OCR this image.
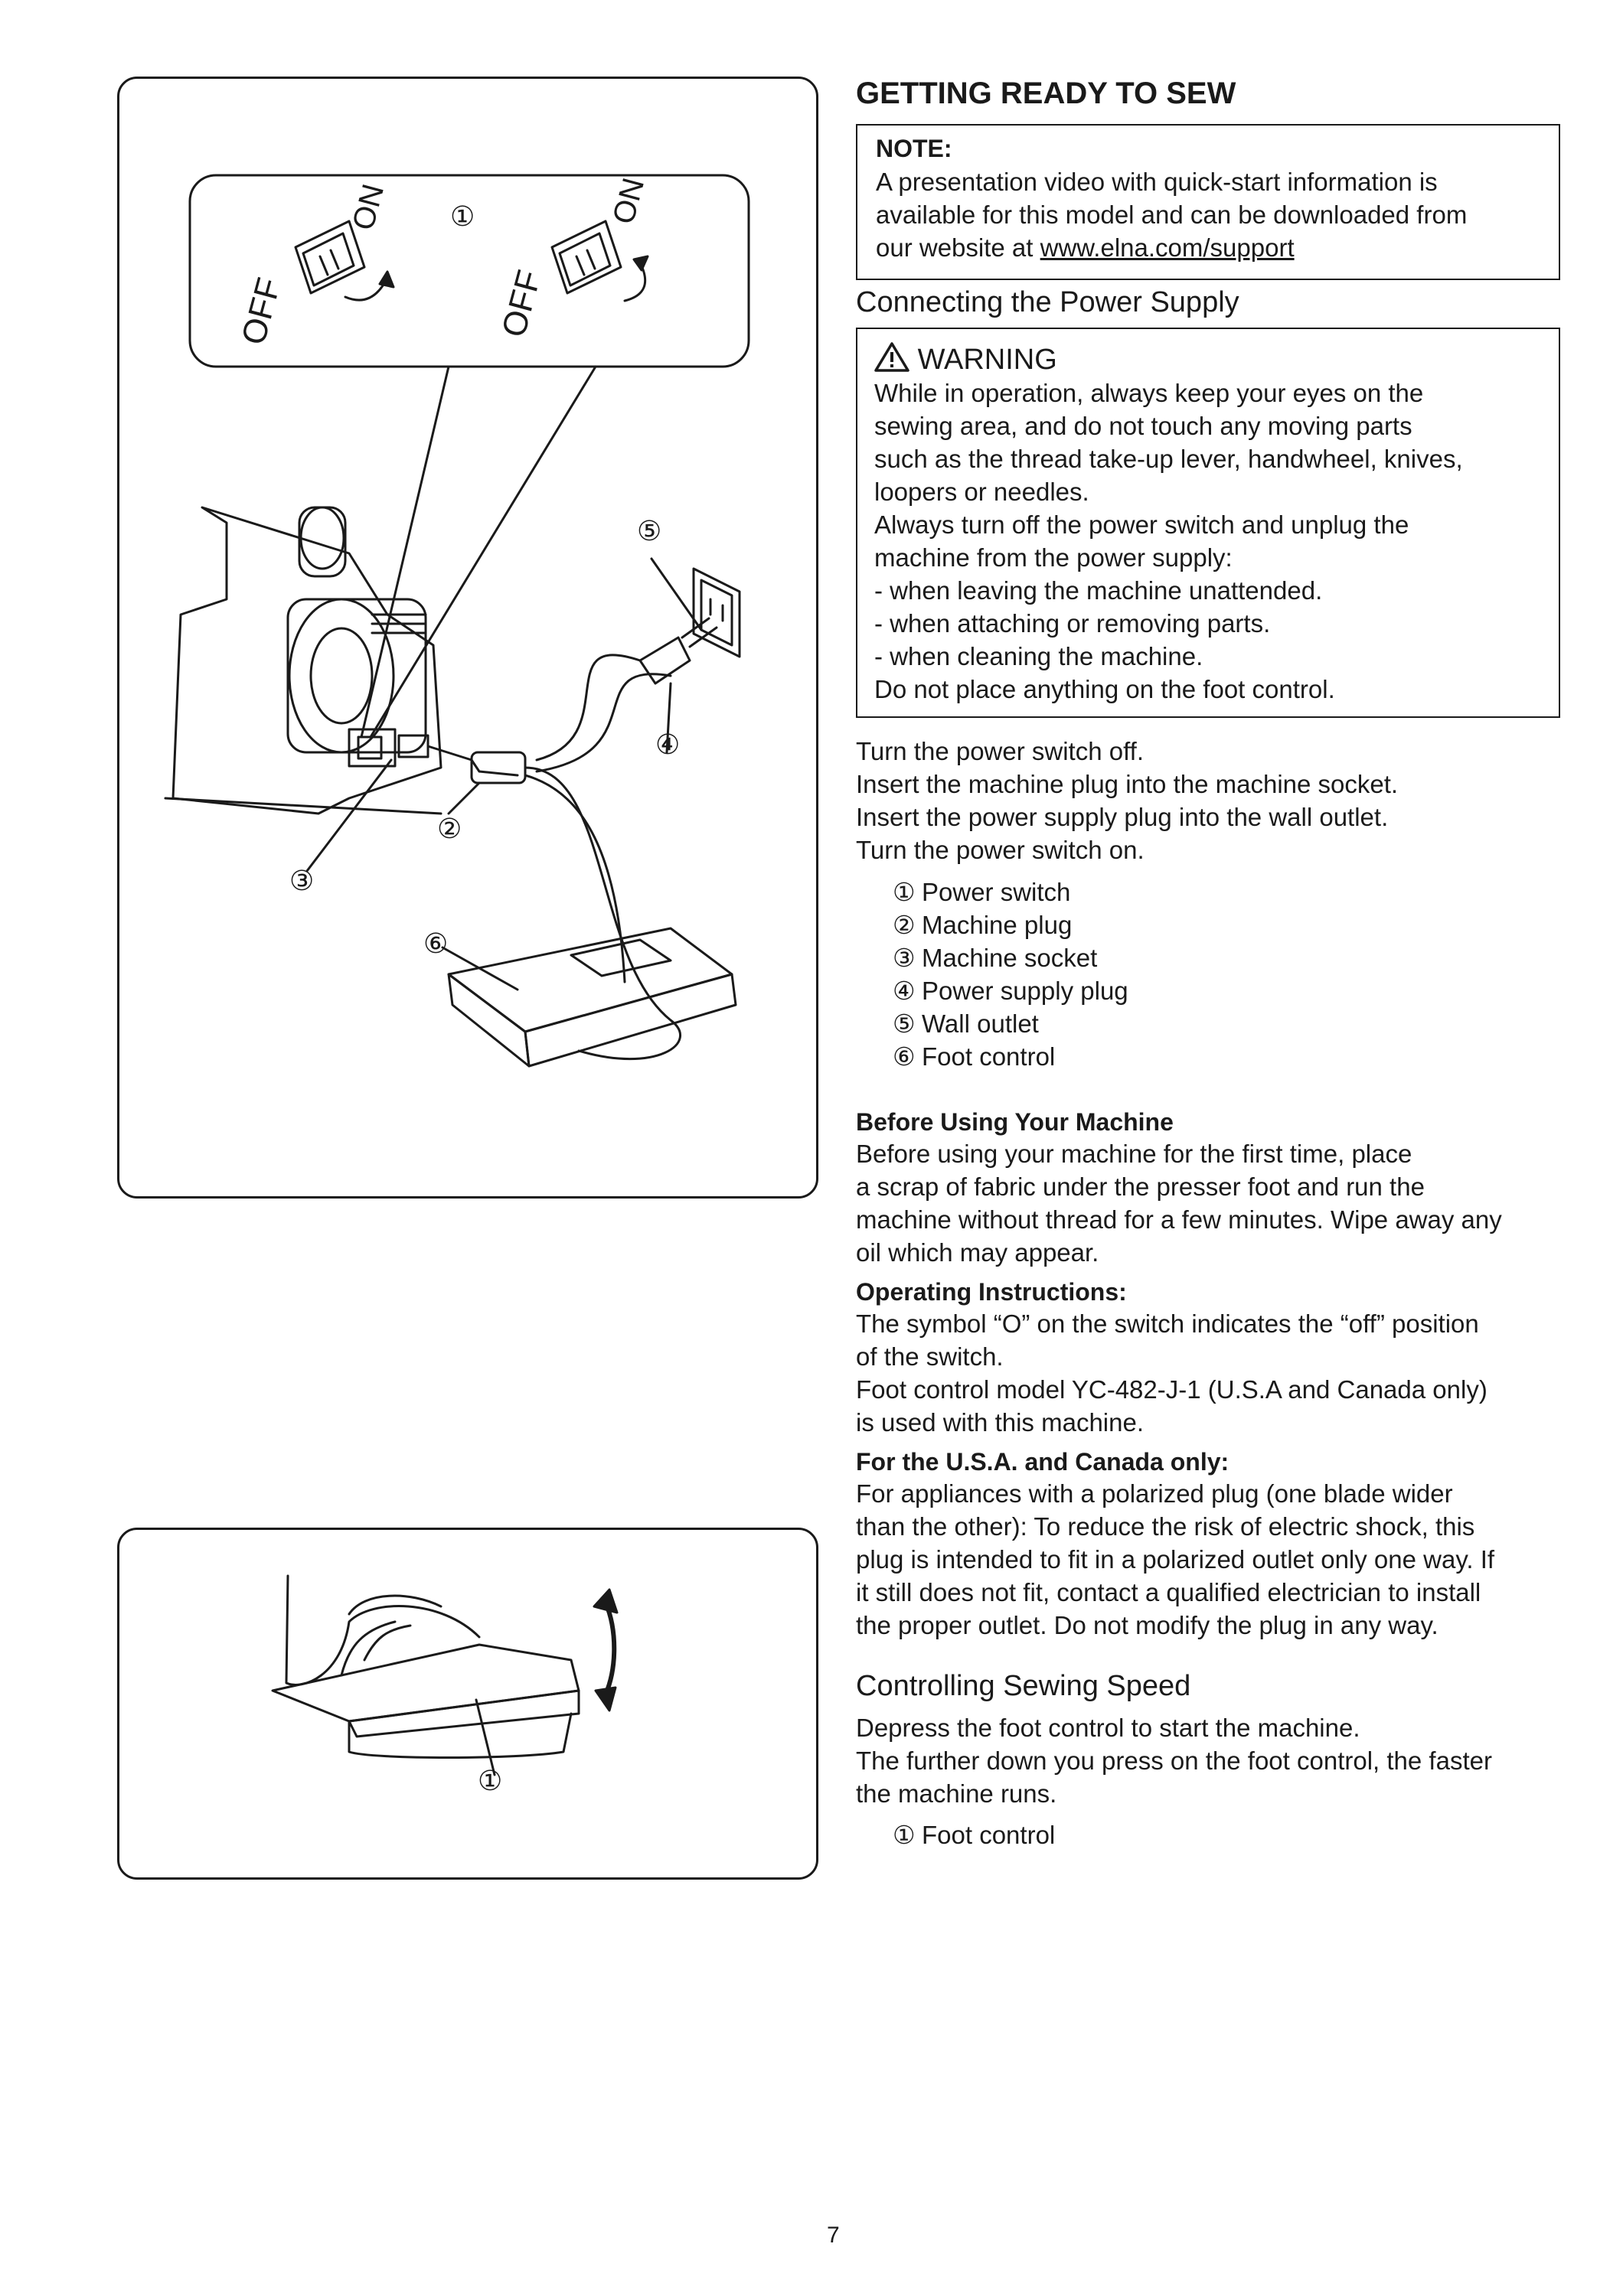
OFF
ON
OFF
ON
①
②
③
④
⑤
⑥
①
GETTING READY TO SEW
NOTE:
A presentation video with quick-start information is
available for this model and can be downloaded from
our website at www.elna.com/support
Connecting the Power Supply
WARNING
While in operation, always keep your eyes on the
sewing area, and do not touch any moving parts
such as the thread take-up lever, handwheel, knives,
loopers or needles.
Always turn off the power switch and unplug the
machine from the power supply:
- when leaving the machine unattended.
- when attaching or removing parts.
- when cleaning the machine.
Do not place anything on the foot control.
Turn the power switch off.
Insert the machine plug into the machine socket.
Insert the power supply plug into the wall outlet.
Turn the power switch on.
① Power switch
② Machine plug
③ Machine socket
④ Power supply plug
⑤ Wall outlet
⑥ Foot control
Before Using Your Machine
Before using your machine for the first time, place
a scrap of fabric under the presser foot and run the
machine without thread for a few minutes. Wipe away any
oil which may appear.
Operating Instructions:
The symbol “O” on the switch indicates the “off” position
of the switch.
Foot control model YC-482-J-1 (U.S.A and Canada only)
is used with this machine.
For the U.S.A. and Canada only:
For appliances with a polarized plug (one blade wider
than the other): To reduce the risk of electric shock, this
plug is intended to fit in a polarized outlet only one way. If
it still does not fit, contact a qualified electrician to install
the proper outlet. Do not modify the plug in any way.
Controlling Sewing Speed
Depress the foot control to start the machine.
The further down you press on the foot control, the faster
the machine runs.
① Foot control
7
